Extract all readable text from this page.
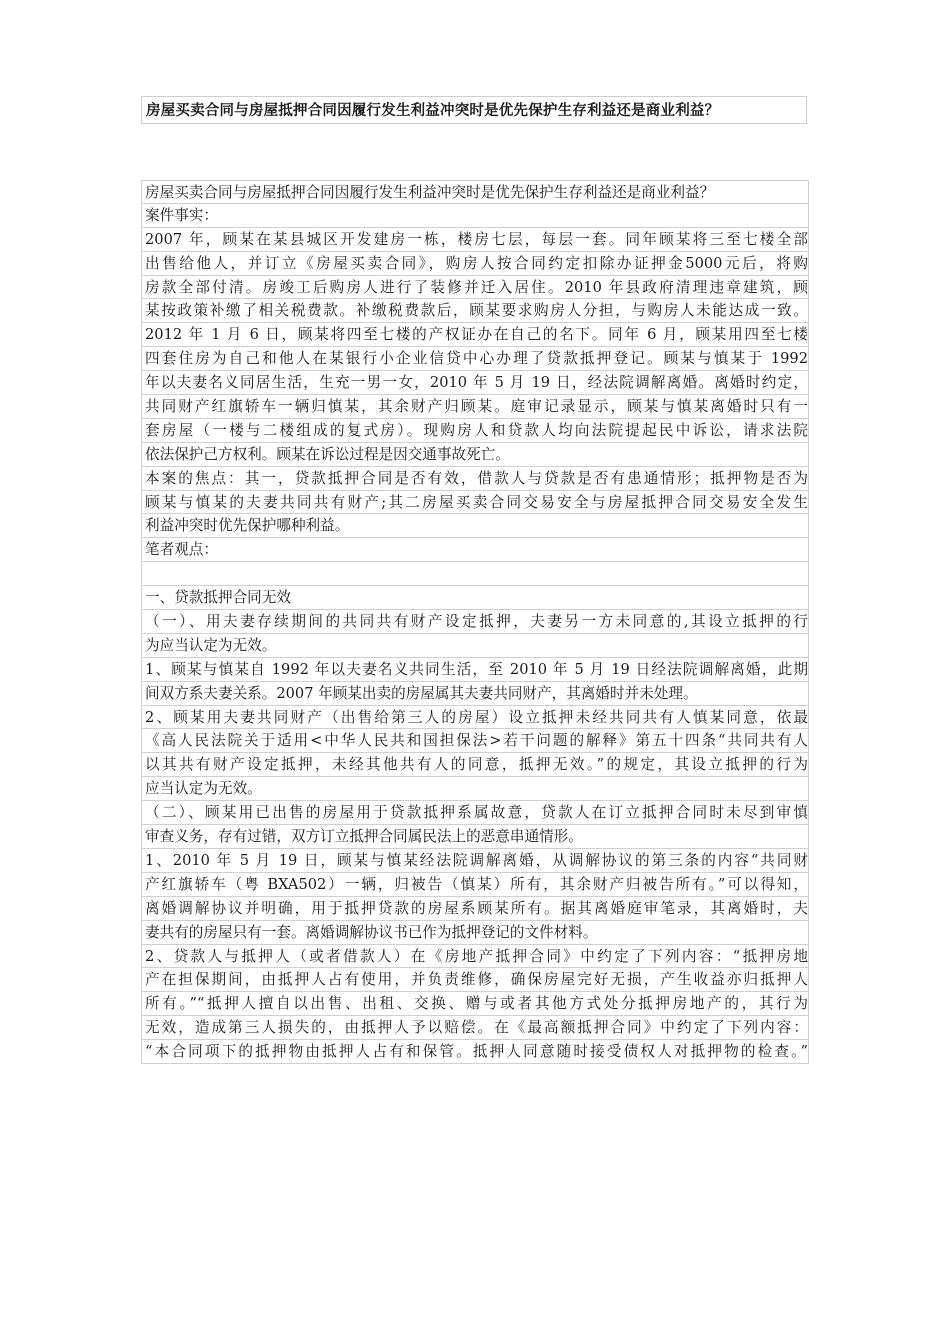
房屋买卖合同与房屋抵押合同因履行发生利益冲突时是优先保护生存利益还是商业利益？
房屋买卖合同与房屋抵押合同因履行发生利益冲突时是优先保护生存利益还是商业利益？
案件事实：
2007 年，顾某在某县城区开发建房一栋，楼房七层，每层一套。同年顾某将三至七楼全部
出售给他人，并订立《房屋买卖合同》，购房人按合同约定扣除办证押金5000元后，将购
房款全部付清。房竣工后购房人进行了装修并迁入居住。2010 年县政府清理违章建筑，顾
某按政策补缴了相关税费款。补缴税费款后，顾某要求购房人分担，与购房人未能达成一致。
2012 年 1 月 6 日，顾某将四至七楼的产权证办在自己的名下。同年 6 月，顾某用四至七楼
四套住房为自己和他人在某银行小企业信贷中心办理了贷款抵押登记。顾某与慎某于 1992
年以夫妻名义同居生活，生充一男一女，2010 年 5 月 19 日，经法院调解离婚。离婚时约定，
共同财产红旗轿车一辆归慎某，其余财产归顾某。庭审记录显示，顾某与慎某离婚时只有一
套房屋（一楼与二楼组成的复式房）。现购房人和贷款人均向法院提起民中诉讼，请求法院
依法保护己方权利。顾某在诉讼过程是因交通事故死亡。
本案的焦点：其一，贷款抵押合同是否有效，借款人与贷款是否有患通情形；抵押物是否为
顾某与慎某的夫妻共同共有财产;其二房屋买卖合同交易安全与房屋抵押合同交易安全发生
利益冲突时优先保护哪种利益。
笔者观点：
一、贷款抵押合同无效
（一）、用夫妻存续期间的共同共有财产设定抵押，夫妻另一方未同意的,其设立抵押的行
为应当认定为无效。
1、顾某与慎某自 1992 年以夫妻名义共同生活，至 2010 年 5 月 19 日经法院调解离婚，此期
间双方系夫妻关系。2007 年顾某出卖的房屋属其夫妻共同财产，其离婚时并未处理。
2、顾某用夫妻共同财产（出售给第三人的房屋）设立抵押未经共同共有人慎某同意，依最
《高人民法院关于适用<中华人民共和国担保法>若干问题的解释》第五十四条“共同共有人
以其共有财产设定抵押，未经其他共有人的同意，抵押无效。”的规定，其设立抵押的行为
应当认定为无效。
（二）、顾某用已出售的房屋用于贷款抵押系属故意，贷款人在订立抵押合同时未尽到审慎
审查义务，存有过错，双方订立抵押合同属民法上的恶意串通情形。
1、2010 年 5 月 19 日，顾某与慎某经法院调解离婚，从调解协议的第三条的内容“共同财
产红旗轿车（粤 BXA502）一辆，归被告（慎某）所有，其余财产归被告所有。”可以得知，
离婚调解协议并明确，用于抵押贷款的房屋系顾某所有。据其离婚庭审笔录，其离婚时，夫
妻共有的房屋只有一套。离婚调解协议书已作为抵押登记的文件材料。
2、贷款人与抵押人（或者借款人）在《房地产抵押合同》中约定了下列内容：“抵押房地
产在担保期间，由抵押人占有使用，并负责维修，确保房屋完好无损，产生收益亦归抵押人
所有。”“抵押人擅自以出售、出租、交换、赠与或者其他方式处分抵押房地产的，其行为
无效，造成第三人损失的，由抵押人予以赔偿。在《最高额抵押合同》中约定了下列内容：
“本合同项下的抵押物由抵押人占有和保管。抵押人同意随时接受债权人对抵押物的检查。”
